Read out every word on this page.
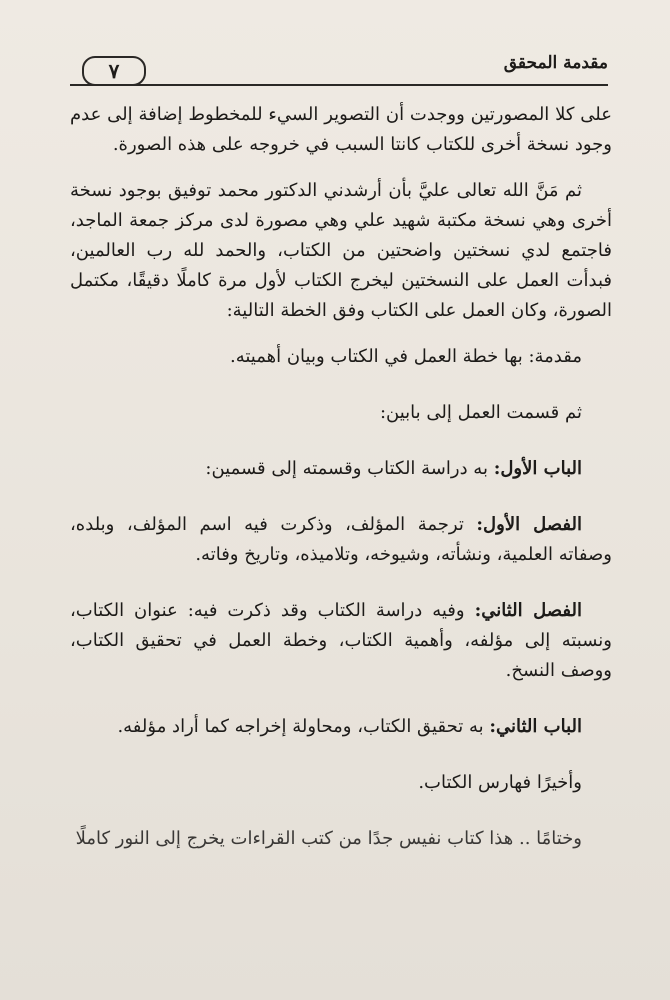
مقدمة المحقق
٧

على كلا المصورتين ووجدت أن التصوير السيء للمخطوط إضافة إلى عدم وجود نسخة أخرى للكتاب كانتا السبب في خروجه على هذه الصورة.

ثم مَنَّ الله تعالى عليَّ بأن أرشدني الدكتور محمد توفيق بوجود نسخة أخرى وهي نسخة مكتبة شهيد علي وهي مصورة لدى مركز جمعة الماجد، فاجتمع لدي نسختين واضحتين من الكتاب، والحمد لله رب العالمين، فبدأت العمل على النسختين ليخرج الكتاب لأول مرة كاملًا دقيقًا، مكتمل الصورة، وكان العمل على الكتاب وفق الخطة التالية:

مقدمة: بها خطة العمل في الكتاب وبيان أهميته.

ثم قسمت العمل إلى بابين:

الباب الأول: به دراسة الكتاب وقسمته إلى قسمين:

الفصل الأول: ترجمة المؤلف، وذكرت فيه اسم المؤلف، وبلده، وصفاته العلمية، ونشأته، وشيوخه، وتلاميذه، وتاريخ وفاته.

الفصل الثاني: وفيه دراسة الكتاب وقد ذكرت فيه: عنوان الكتاب، ونسبته إلى مؤلفه، وأهمية الكتاب، وخطة العمل في تحقيق الكتاب، ووصف النسخ.

الباب الثاني: به تحقيق الكتاب، ومحاولة إخراجه كما أراد مؤلفه.

وأخيرًا فهارس الكتاب.

وختامًا .. هذا كتاب نفيس جدًا من كتب القراءات يخرج إلى النور كاملًا
